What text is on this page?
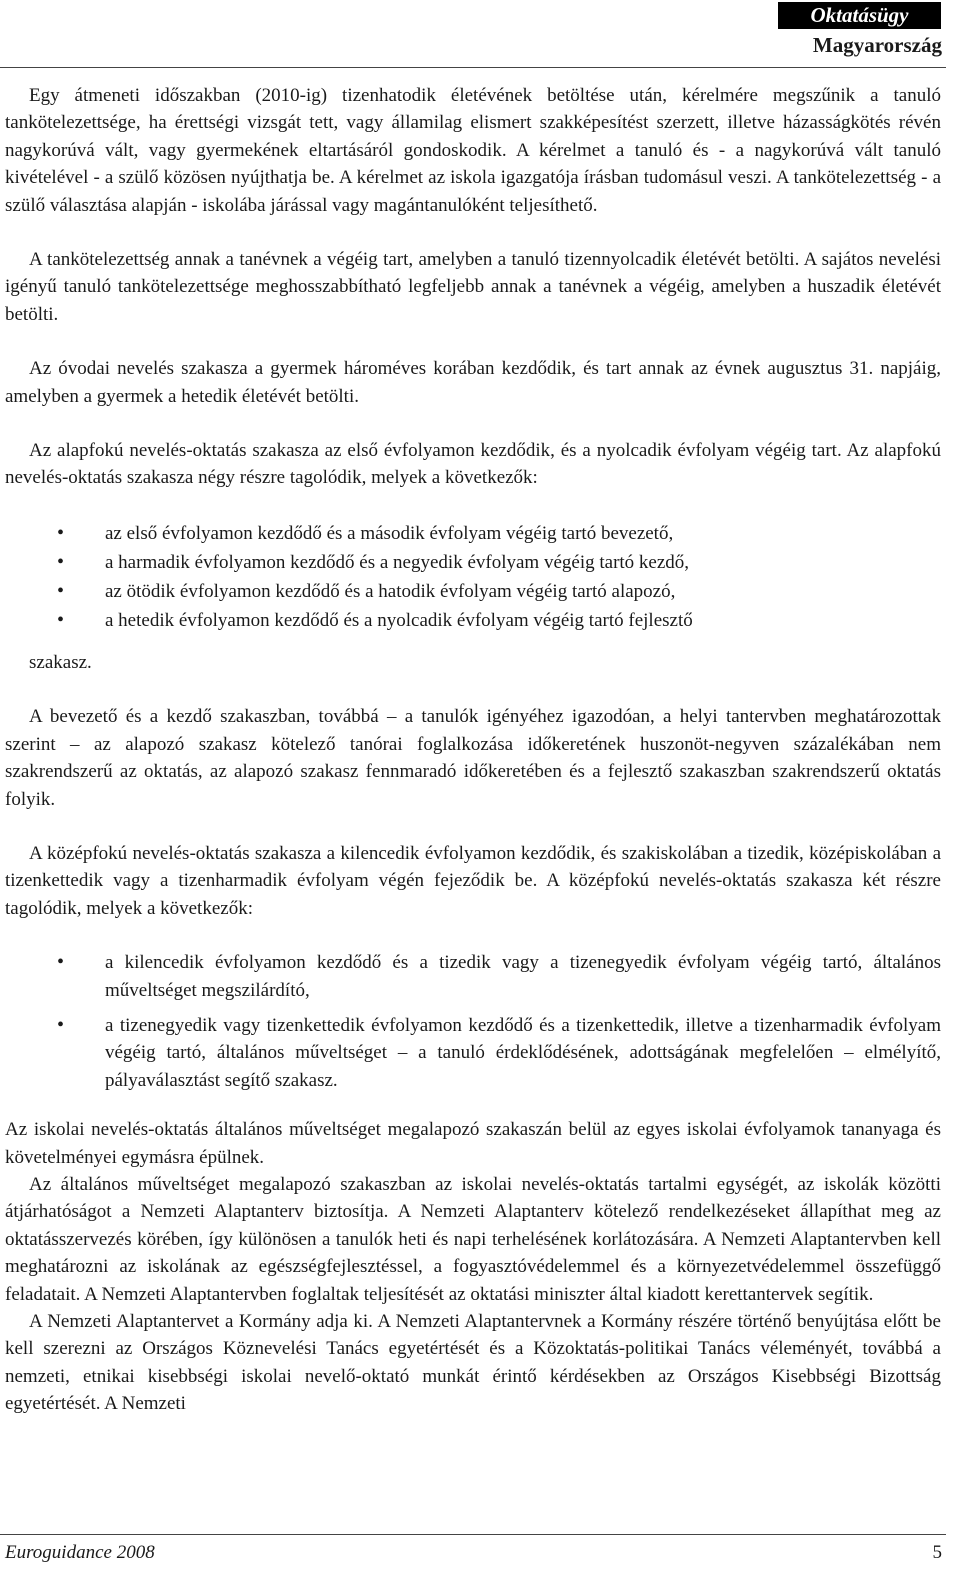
Oktatásügy
Magyarország

Egy átmeneti időszakban (2010-ig) tizenhatodik életévének betöltése után, kérelmére megszűnik a tanuló tankötelezettsége, ha érettségi vizsgát tett, vagy államilag elismert szakképesítést szerzett, illetve házasságkötés révén nagykorúvá vált, vagy gyermekének eltartásáról gondoskodik. A kérelmet a tanuló és - a nagykorúvá vált tanuló kivételével - a szülő közösen nyújthatja be. A kérelmet az iskola igazgatója írásban tudomásul veszi. A tankötelezettség - a szülő választása alapján - iskolába járással vagy magántanulóként teljesíthető.

A tankötelezettség annak a tanévnek a végéig tart, amelyben a tanuló tizennyolcadik életévét betölti. A sajátos nevelési igényű tanuló tankötelezettsége meghosszabbítható legfeljebb annak a tanévnek a végéig, amelyben a huszadik életévét betölti.

Az óvodai nevelés szakasza a gyermek hároméves korában kezdődik, és tart annak az évnek augusztus 31. napjáig, amelyben a gyermek a hetedik életévét betölti.

Az alapfokú nevelés-oktatás szakasza az első évfolyamon kezdődik, és a nyolcadik évfolyam végéig tart. Az alapfokú nevelés-oktatás szakasza négy részre tagolódik, melyek a következők:

• az első évfolyamon kezdődő és a második évfolyam végéig tartó bevezető,
• a harmadik évfolyamon kezdődő és a negyedik évfolyam végéig tartó kezdő,
• az ötödik évfolyamon kezdődő és a hatodik évfolyam végéig tartó alapozó,
• a hetedik évfolyamon kezdődő és a nyolcadik évfolyam végéig tartó fejlesztő

szakasz.

A bevezető és a kezdő szakaszban, továbbá – a tanulók igényéhez igazodóan, a helyi tantervben meghatározottak szerint – az alapozó szakasz kötelező tanórai foglalkozása időkeretének huszonöt-negyven százalékában nem szakrendszerű az oktatás, az alapozó szakasz fennmaradó időkeretében és a fejlesztő szakaszban szakrendszerű oktatás folyik.

A középfokú nevelés-oktatás szakasza a kilencedik évfolyamon kezdődik, és szakiskolában a tizedik, középiskolában a tizenkettedik vagy a tizenharmadik évfolyam végén fejeződik be. A középfokú nevelés-oktatás szakasza két részre tagolódik, melyek a következők:

• a kilencedik évfolyamon kezdődő és a tizedik vagy a tizenegyedik évfolyam végéig tartó, általános műveltséget megszilárdító,
• a tizenegyedik vagy tizenkettedik évfolyamon kezdődő és a tizenkettedik, illetve a tizenharmadik évfolyam végéig tartó, általános műveltséget – a tanuló érdeklődésének, adottságának megfelelően – elmélyítő, pályaválasztást segítő szakasz.

Az iskolai nevelés-oktatás általános műveltséget megalapozó szakaszán belül az egyes iskolai évfolyamok tananyaga és követelményei egymásra épülnek.

Az általános műveltséget megalapozó szakaszban az iskolai nevelés-oktatás tartalmi egységét, az iskolák közötti átjárhatóságot a Nemzeti Alaptanterv biztosítja. A Nemzeti Alaptanterv kötelező rendelkezéseket állapíthat meg az oktatásszervezés körében, így különösen a tanulók heti és napi terhelésének korlátozására. A Nemzeti Alaptantervben kell meghatározni az iskolának az egészségfejlesztéssel, a fogyasztóvédelemmel és a környezetvédelemmel összefüggő feladatait. A Nemzeti Alaptantervben foglaltak teljesítését az oktatási miniszter által kiadott kerettantervek segítik.

A Nemzeti Alaptantervet a Kormány adja ki. A Nemzeti Alaptantervnek a Kormány részére történő benyújtása előtt be kell szerezni az Országos Köznevelési Tanács egyetértését és a Közoktatás-politikai Tanács véleményét, továbbá a nemzeti, etnikai kisebbségi iskolai nevelő-oktató munkát érintő kérdésekben az Országos Kisebbségi Bizottság egyetértését. A Nemzeti

Euroguidance 2008	5
